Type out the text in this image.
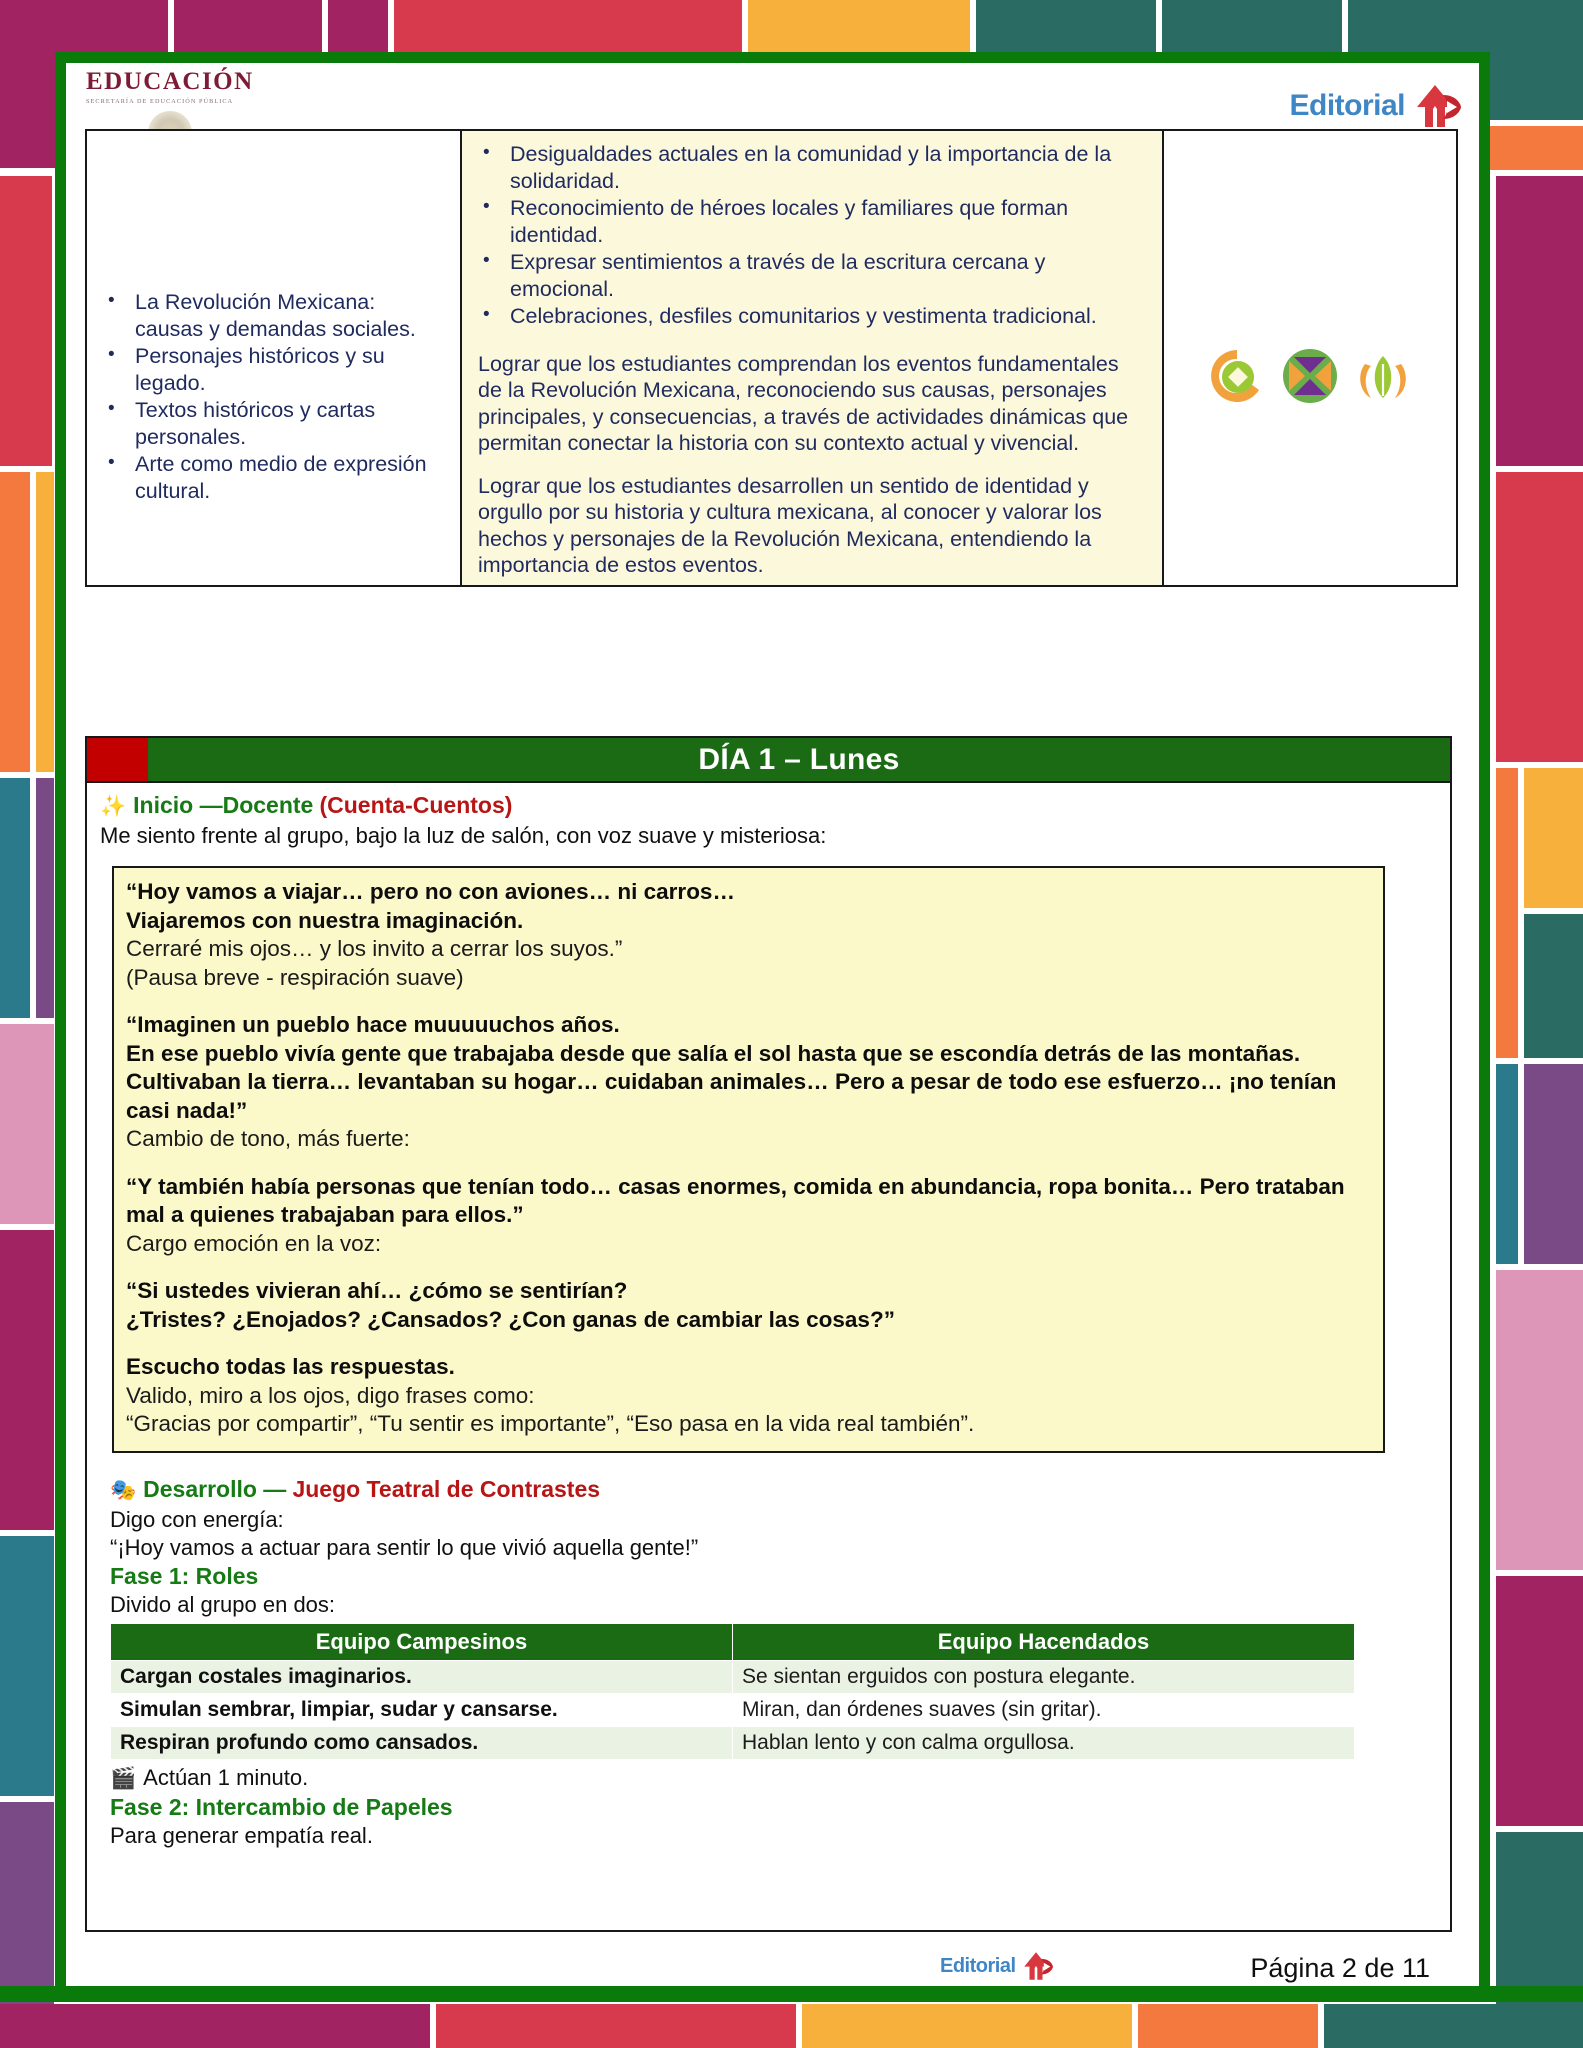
EDUCACIÓN
SECRETARÍA DE EDUCACIÓN PÚBLICA	Editorial
• La Revolución Mexicana: causas y demandas sociales.
• Personajes históricos y su legado.
• Textos históricos y cartas personales.
• Arte como medio de expresión cultural.

• Desigualdades actuales en la comunidad y la importancia de la solidaridad.
• Reconocimiento de héroes locales y familiares que forman identidad.
• Expresar sentimientos a través de la escritura cercana y emocional.
• Celebraciones, desfiles comunitarios y vestimenta tradicional.

Lograr que los estudiantes comprendan los eventos fundamentales de la Revolución Mexicana, reconociendo sus causas, personajes principales, y consecuencias, a través de actividades dinámicas que permitan conectar la historia con su contexto actual y vivencial.

Lograr que los estudiantes desarrollen un sentido de identidad y orgullo por su historia y cultura mexicana, al conocer y valorar los hechos y personajes de la Revolución Mexicana, entendiendo la importancia de estos eventos.

DÍA 1 – Lunes
✨ Inicio —Docente (Cuenta-Cuentos)
Me siento frente al grupo, bajo la luz de salón, con voz suave y misteriosa:
“Hoy vamos a viajar… pero no con aviones… ni carros…
Viajaremos con nuestra imaginación.
Cerraré mis ojos… y los invito a cerrar los suyos.”
(Pausa breve - respiración suave)
“Imaginen un pueblo hace muuuuuchos años.
En ese pueblo vivía gente que trabajaba desde que salía el sol hasta que se escondía detrás de las montañas. Cultivaban la tierra… levantaban su hogar… cuidaban animales… Pero a pesar de todo ese esfuerzo… ¡no tenían casi nada!”
Cambio de tono, más fuerte:
“Y también había personas que tenían todo… casas enormes, comida en abundancia, ropa bonita… Pero trataban mal a quienes trabajaban para ellos.”
Cargo emoción en la voz:
“Si ustedes vivieran ahí… ¿cómo se sentirían?
¿Tristes? ¿Enojados? ¿Cansados? ¿Con ganas de cambiar las cosas?”
Escucho todas las respuestas.
Valido, miro a los ojos, digo frases como:
“Gracias por compartir”, “Tu sentir es importante”, “Eso pasa en la vida real también”.
🎭 Desarrollo — Juego Teatral de Contrastes
Digo con energía:
“¡Hoy vamos a actuar para sentir lo que vivió aquella gente!”
Fase 1: Roles
Divido al grupo en dos:
Equipo Campesinos	Equipo Hacendados
Cargan costales imaginarios.	Se sientan erguidos con postura elegante.
Simulan sembrar, limpiar, sudar y cansarse.	Miran, dan órdenes suaves (sin gritar).
Respiran profundo como cansados.	Hablan lento y con calma orgullosa.
🎬 Actúan 1 minuto.
Fase 2: Intercambio de Papeles
Para generar empatía real.
Editorial	Página 2 de 11
